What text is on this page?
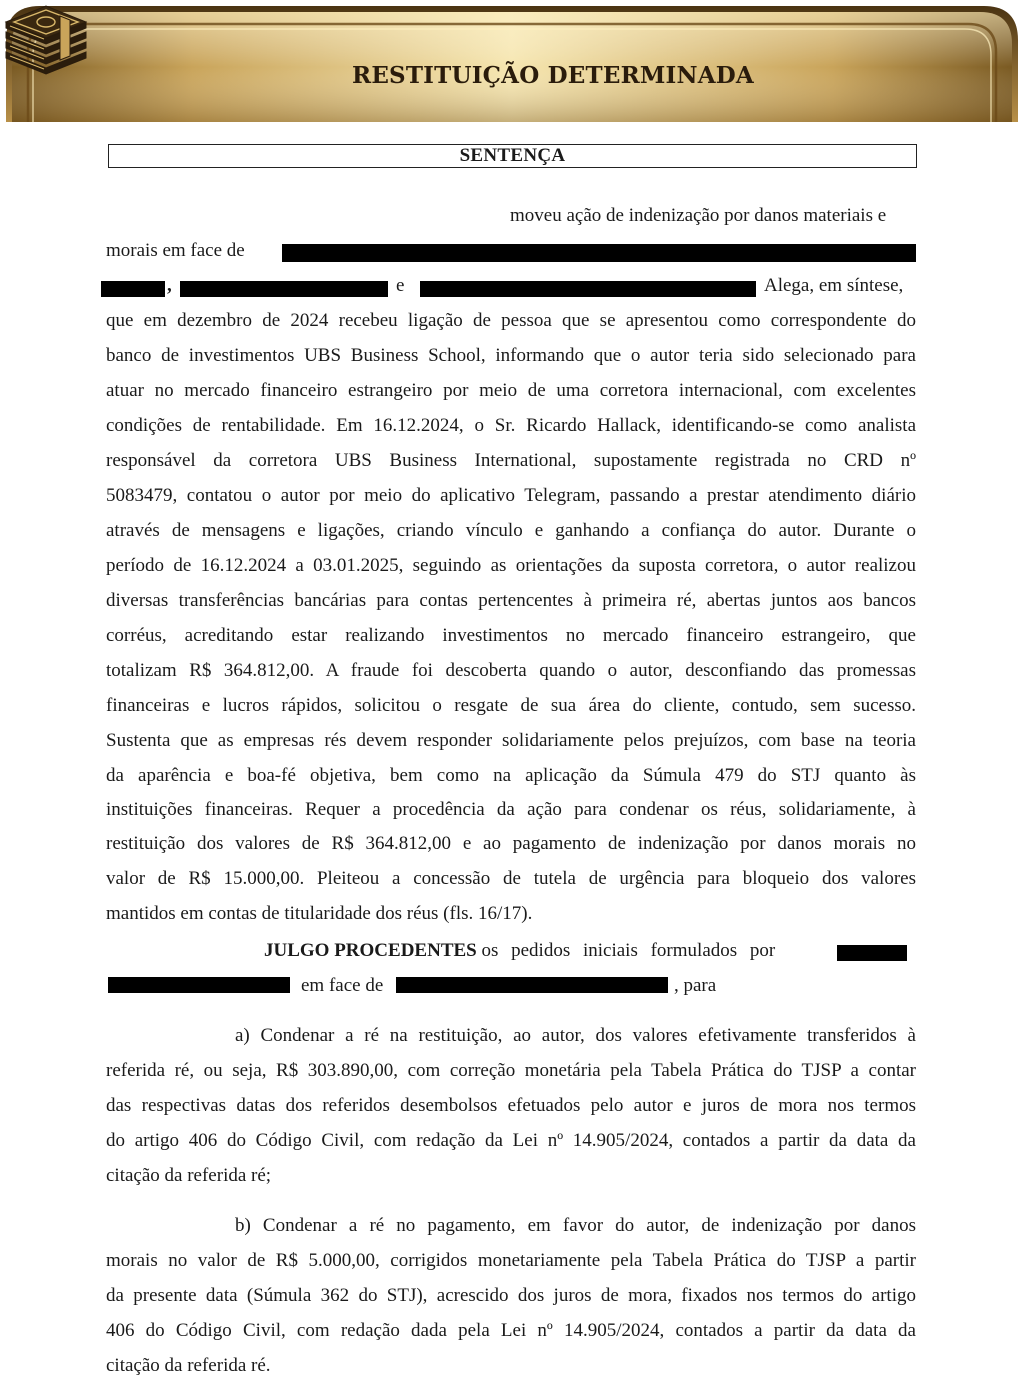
RESTITUIÇÃO DETERMINADA
SENTENÇA
moveu ação de indenização por danos materiais e
morais em face de
,	e	Alega, em síntese,
que em dezembro de 2024 recebeu ligação de pessoa que se apresentou como correspondente do
banco de investimentos UBS Business School, informando que o autor teria sido selecionado para
atuar no mercado financeiro estrangeiro por meio de uma corretora internacional, com excelentes
condições de rentabilidade. Em 16.12.2024, o Sr. Ricardo Hallack, identificando-se como analista
responsável da corretora UBS Business International, supostamente registrada no CRD nº
5083479, contatou o autor por meio do aplicativo Telegram, passando a prestar atendimento diário
através de mensagens e ligações, criando vínculo e ganhando a confiança do autor. Durante o
período de 16.12.2024 a 03.01.2025, seguindo as orientações da suposta corretora, o autor realizou
diversas transferências bancárias para contas pertencentes à primeira ré, abertas juntos aos bancos
corréus, acreditando estar realizando investimentos no mercado financeiro estrangeiro, que
totalizam R$ 364.812,00. A fraude foi descoberta quando o autor, desconfiando das promessas
financeiras e lucros rápidos, solicitou o resgate de sua área do cliente, contudo, sem sucesso.
Sustenta que as empresas rés devem responder solidariamente pelos prejuízos, com base na teoria
da aparência e boa-fé objetiva, bem como na aplicação da Súmula 479 do STJ quanto às
instituições financeiras. Requer a procedência da ação para condenar os réus, solidariamente, à
restituição dos valores de R$ 364.812,00 e ao pagamento de indenização por danos morais no
valor de R$ 15.000,00. Pleiteou a concessão de tutela de urgência para bloqueio dos valores
mantidos em contas de titularidade dos réus (fls. 16/17).
JULGO PROCEDENTES os pedidos iniciais formulados por
em face de	, para
a) Condenar a ré na restituição, ao autor, dos valores efetivamente transferidos à
referida ré, ou seja, R$ 303.890,00, com correção monetária pela Tabela Prática do TJSP a contar
das respectivas datas dos referidos desembolsos efetuados pelo autor e juros de mora nos termos
do artigo 406 do Código Civil, com redação da Lei nº 14.905/2024, contados a partir da data da
citação da referida ré;
b) Condenar a ré no pagamento, em favor do autor, de indenização por danos
morais no valor de R$ 5.000,00, corrigidos monetariamente pela Tabela Prática do TJSP a partir
da presente data (Súmula 362 do STJ), acrescido dos juros de mora, fixados nos termos do artigo
406 do Código Civil, com redação dada pela Lei nº 14.905/2024, contados a partir da data da
citação da referida ré.
